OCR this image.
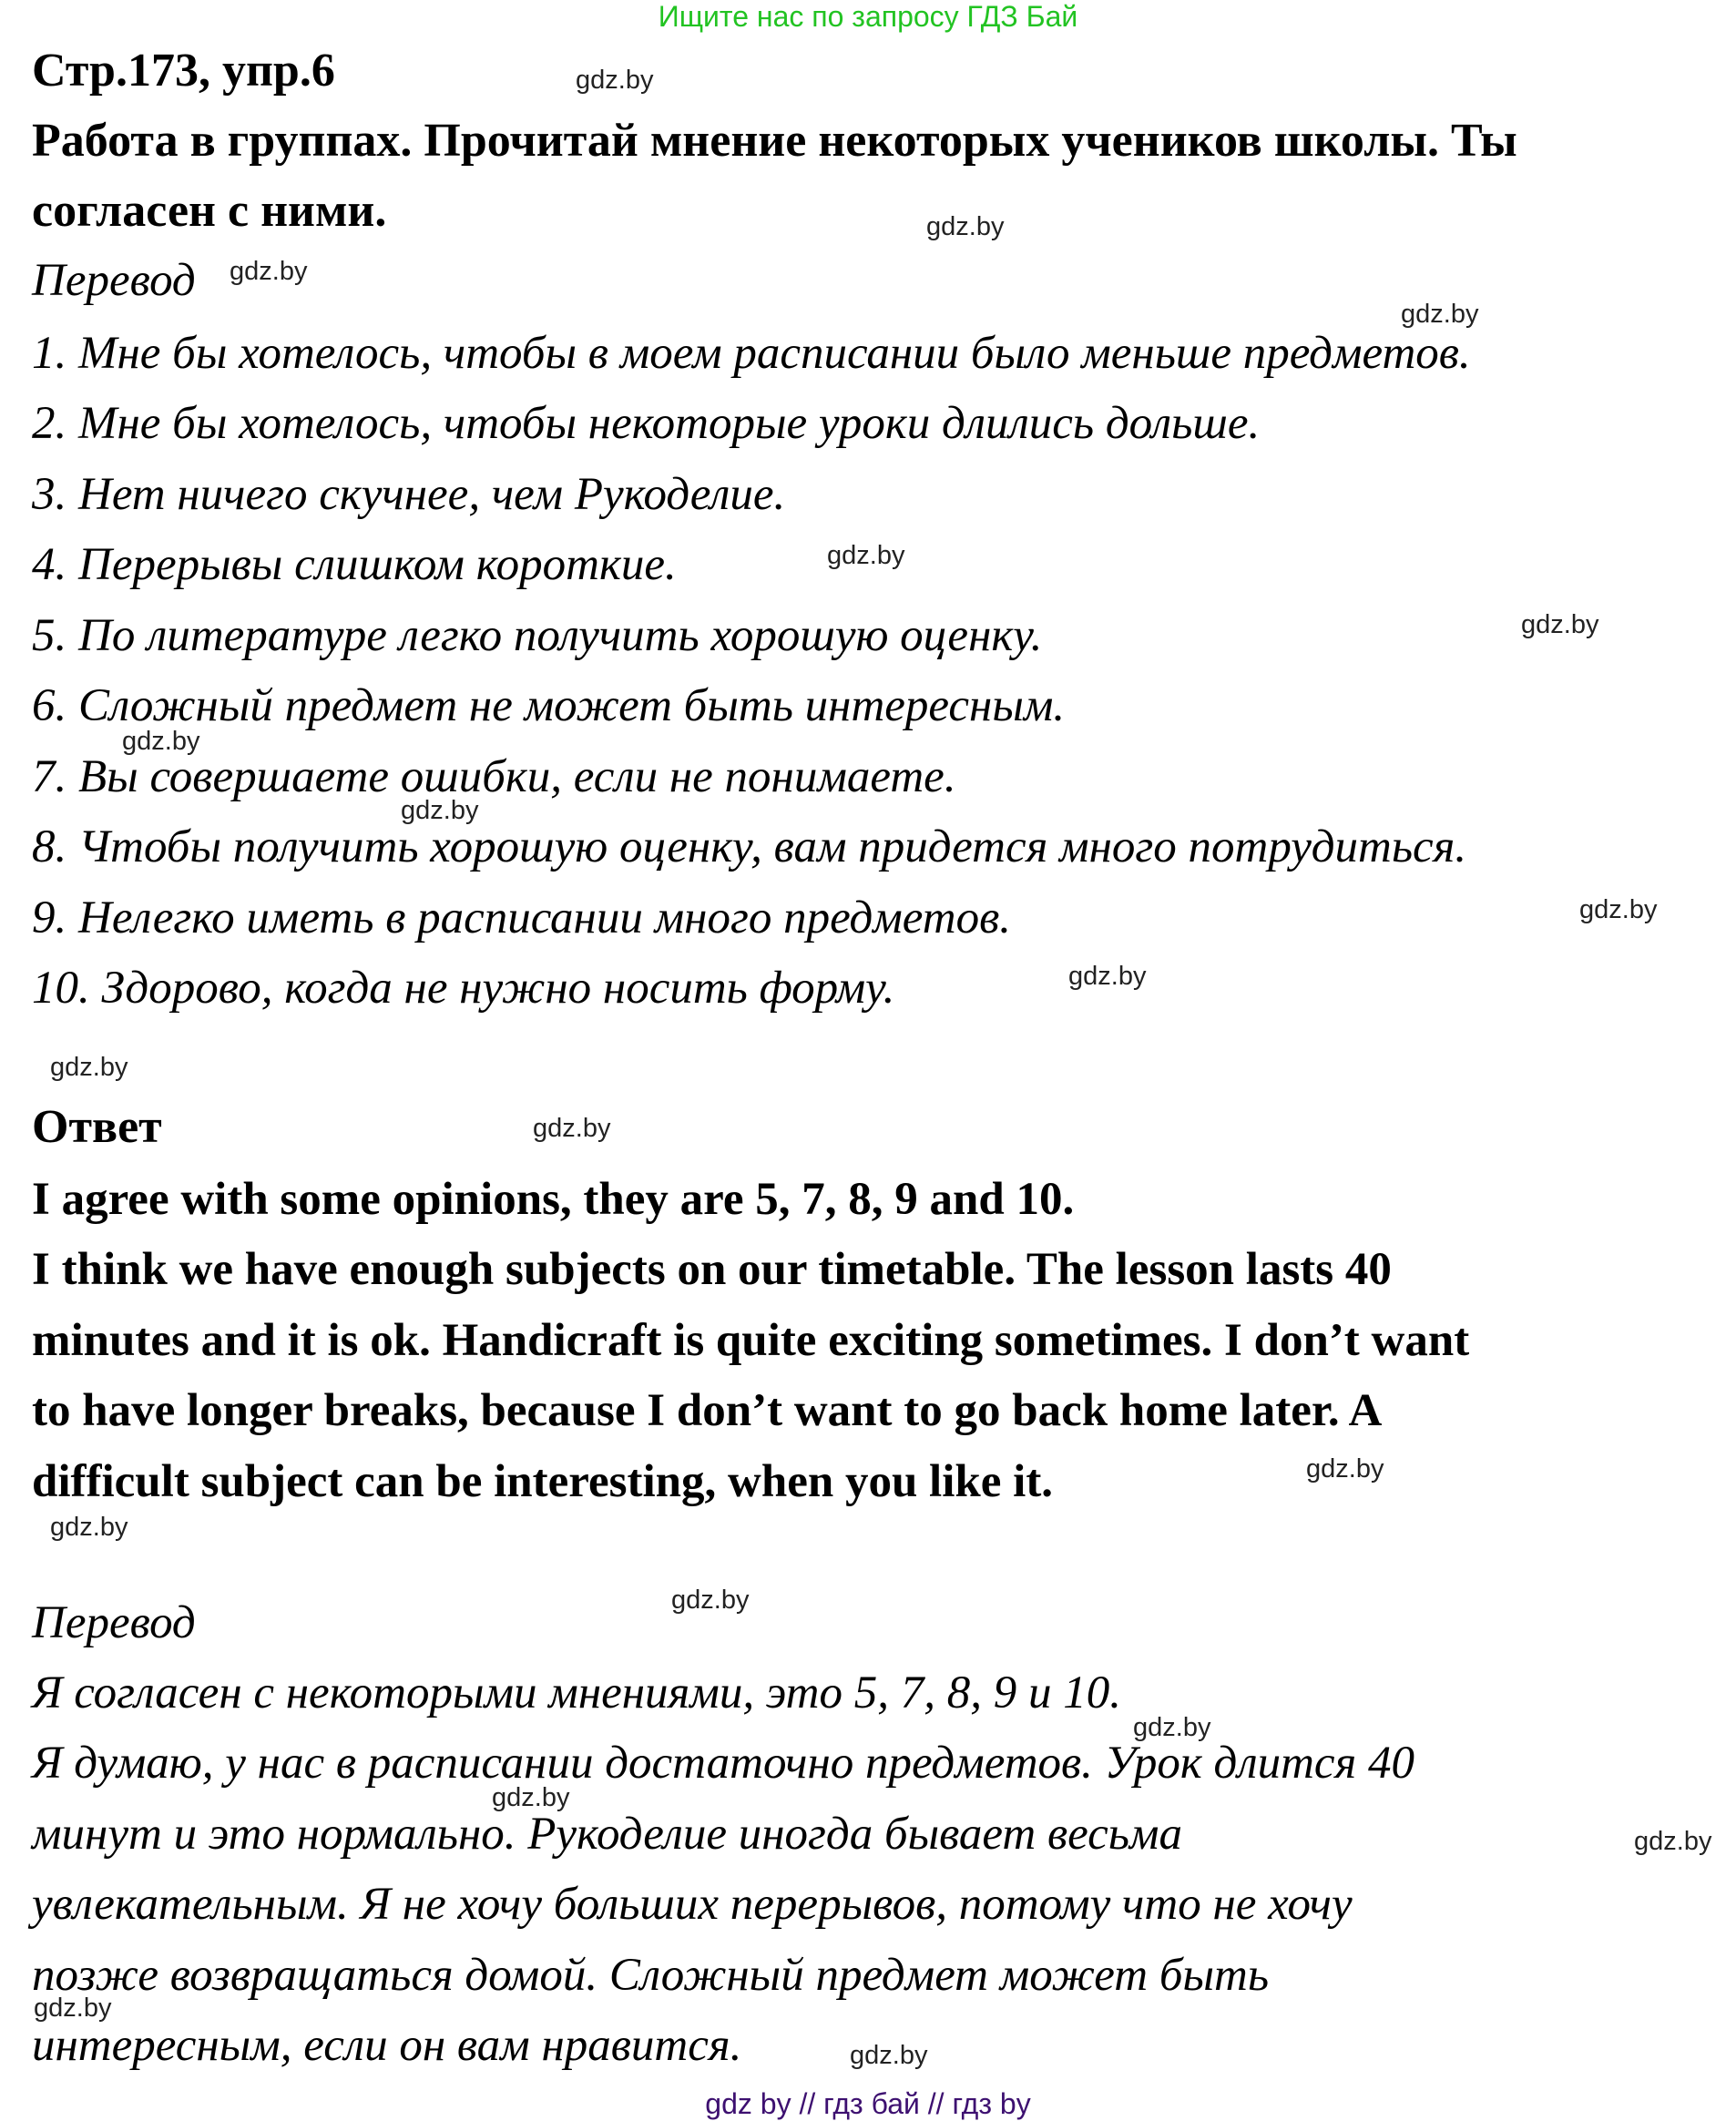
Ищите нас по запросу ГДЗ Бай
Стр.173, упр.6
Работа в группах. Прочитай мнение некоторых учеников школы. Ты
согласен с ними.
Перевод
1. Мне бы хотелось, чтобы в моем расписании было меньше предметов.
2. Мне бы хотелось, чтобы некоторые уроки длились дольше.
3. Нет ничего скучнее, чем Рукоделие.
4. Перерывы слишком короткие.
5. По литературе легко получить хорошую оценку.
6. Сложный предмет не может быть интересным.
7. Вы совершаете ошибки, если не понимаете.
8. Чтобы получить хорошую оценку, вам придется много потрудиться.
9. Нелегко иметь в расписании много предметов.
10. Здорово, когда не нужно носить форму.
Ответ
I agree with some opinions, they are 5, 7, 8, 9 and 10.
I think we have enough subjects on our timetable. The lesson lasts 40
minutes and it is ok. Handicraft is quite exciting sometimes. I don’t want
to have longer breaks, because I don’t want to go back home later. A
difficult subject can be interesting, when you like it.
Перевод
Я согласен с некоторыми мнениями, это 5, 7, 8, 9 и 10.
Я думаю, у нас в расписании достаточно предметов. Урок длится 40
минут и это нормально. Рукоделие иногда бывает весьма
увлекательным. Я не хочу больших перерывов, потому что не хочу
позже возвращаться домой. Сложный предмет может быть
интересным, если он вам нравится.
gdz.by
gdz.by
gdz.by
gdz.by
gdz.by
gdz.by
gdz.by
gdz.by
gdz.by
gdz.by
gdz.by
gdz.by
gdz.by
gdz.by
gdz.by
gdz.by
gdz.by
gdz.by
gdz.by
gdz.by
gdz by // гдз бай // гдз by
